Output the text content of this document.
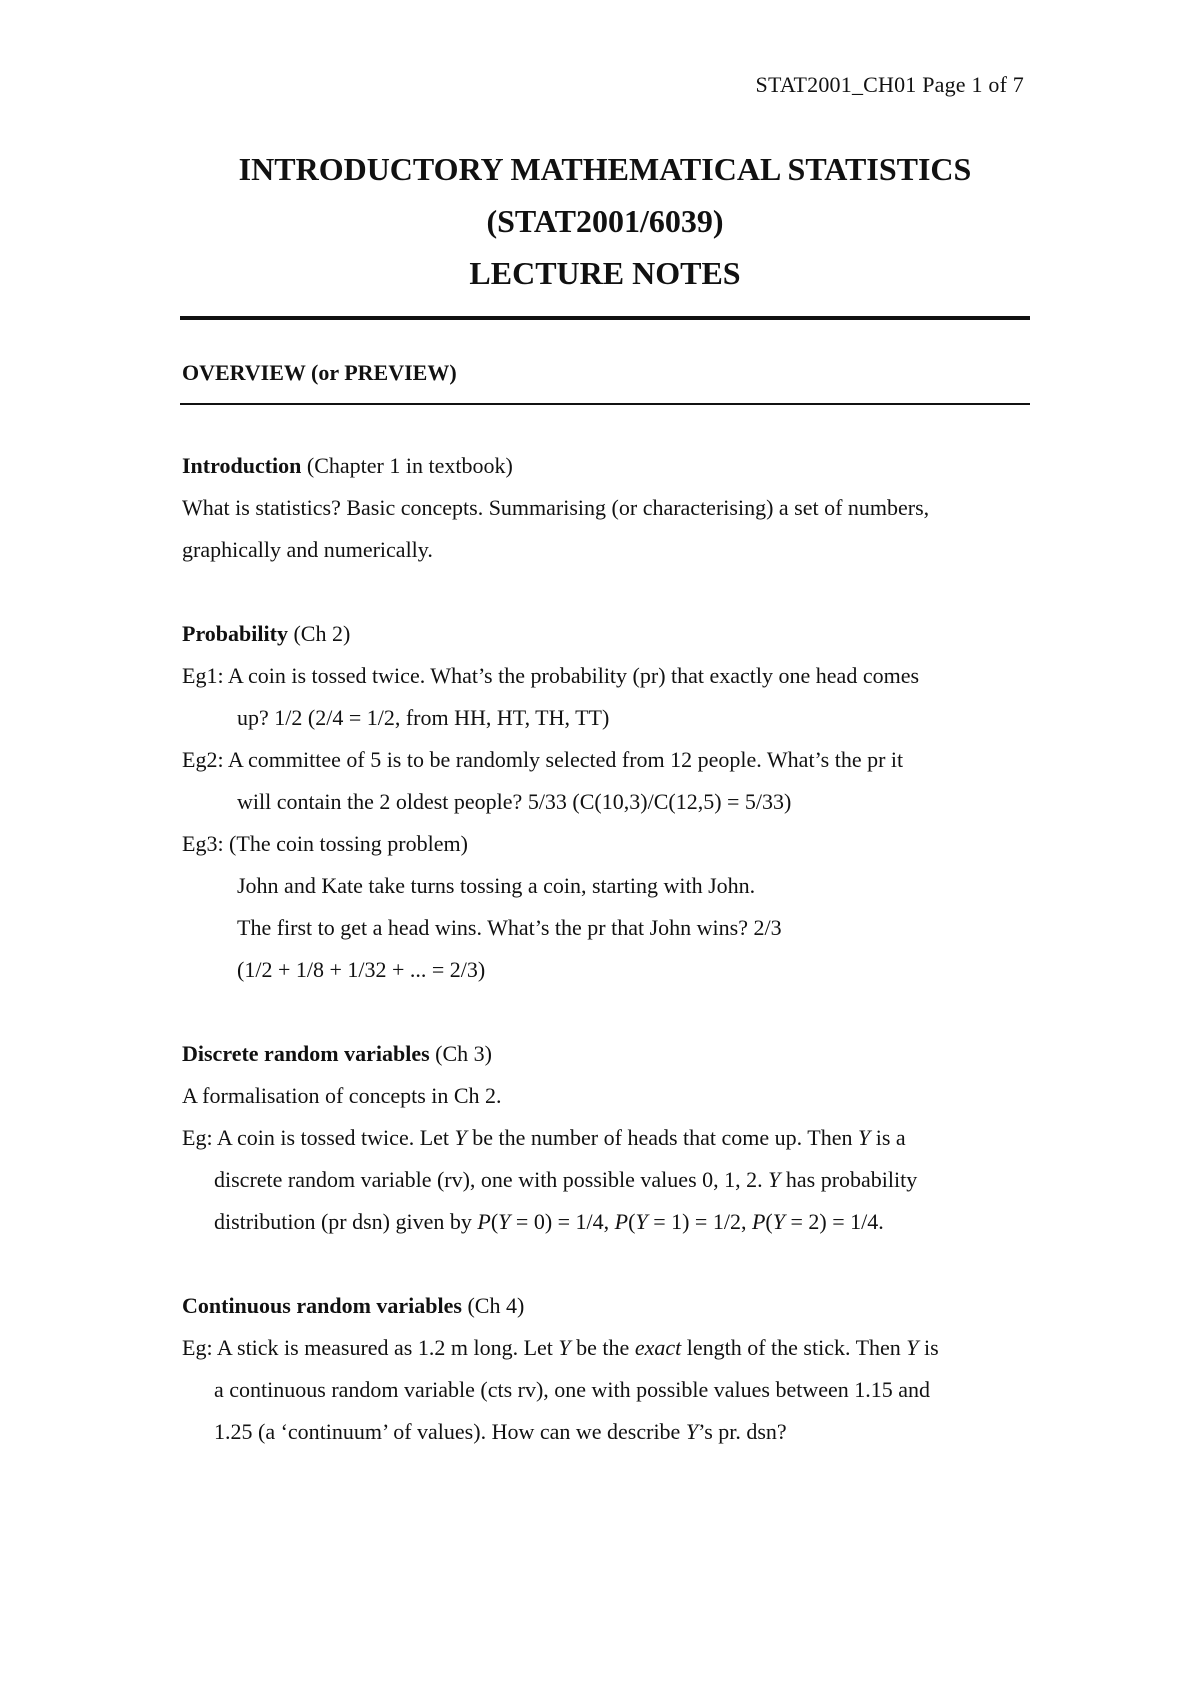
STAT2001_CH01 Page 1 of 7
INTRODUCTORY MATHEMATICAL STATISTICS
(STAT2001/6039)
LECTURE NOTES
OVERVIEW (or PREVIEW)
Introduction (Chapter 1 in textbook)
What is statistics? Basic concepts. Summarising (or characterising) a set of numbers,
graphically and numerically.
Probability (Ch 2)
Eg1: A coin is tossed twice. What’s the probability (pr) that exactly one head comes
up? 1/2 (2/4 = 1/2, from HH, HT, TH, TT)
Eg2: A committee of 5 is to be randomly selected from 12 people. What’s the pr it
will contain the 2 oldest people? 5/33 (C(10,3)/C(12,5) = 5/33)
Eg3: (The coin tossing problem)
John and Kate take turns tossing a coin, starting with John.
The first to get a head wins. What’s the pr that John wins? 2/3
(1/2 + 1/8 + 1/32 + ... = 2/3)
Discrete random variables (Ch 3)
A formalisation of concepts in Ch 2.
Eg: A coin is tossed twice. Let Y be the number of heads that come up. Then Y is a
discrete random variable (rv), one with possible values 0, 1, 2. Y has probability
distribution (pr dsn) given by P(Y = 0) = 1/4, P(Y = 1) = 1/2, P(Y = 2) = 1/4.
Continuous random variables (Ch 4)
Eg: A stick is measured as 1.2 m long. Let Y be the exact length of the stick. Then Y is
a continuous random variable (cts rv), one with possible values between 1.15 and
1.25 (a ‘continuum’ of values). How can we describe Y’s pr. dsn?
